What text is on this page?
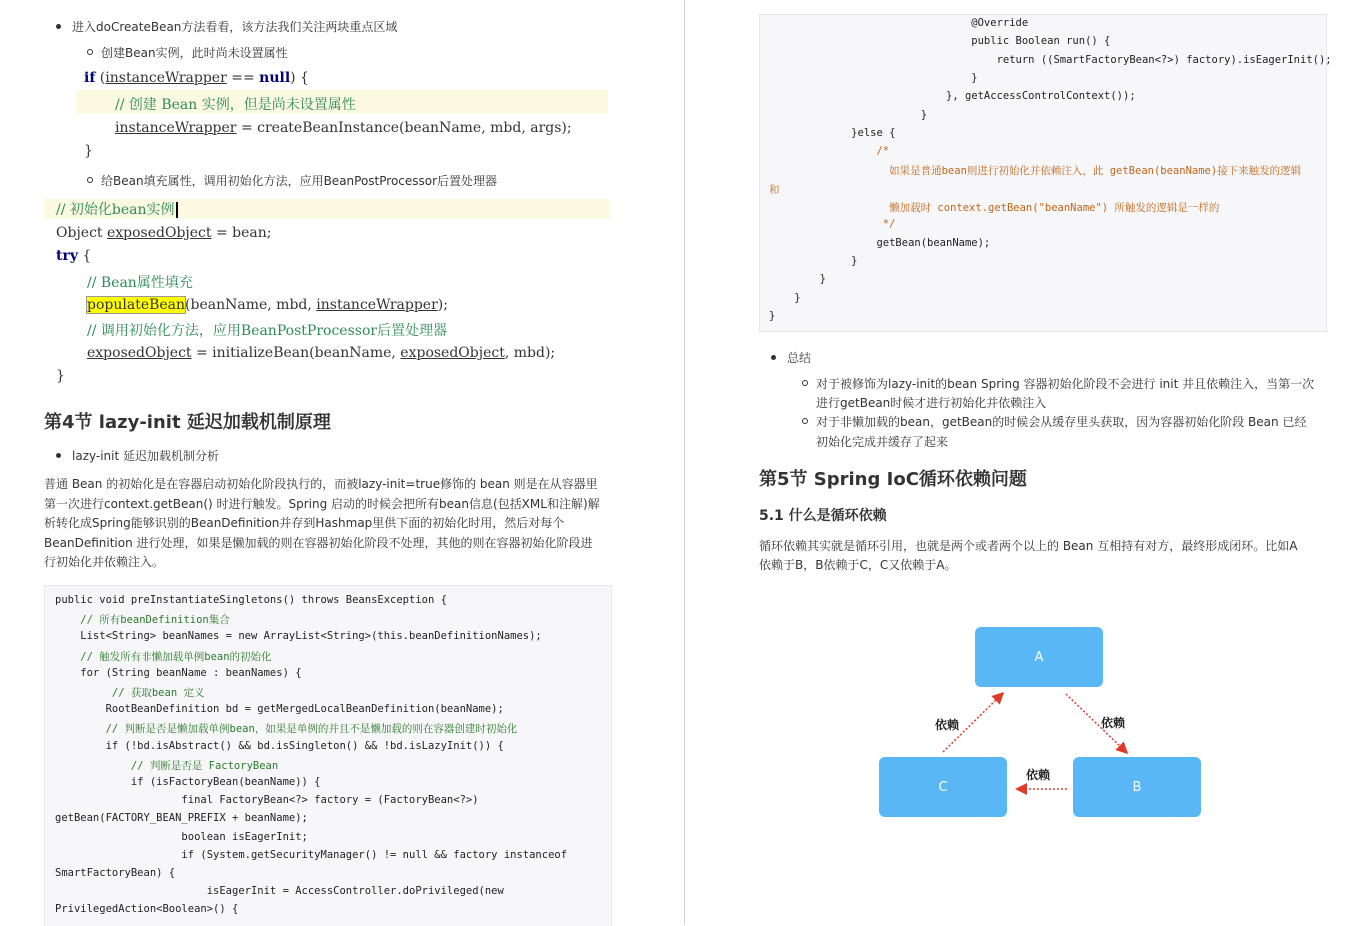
进入doCreateBean方法看看，该方法我们关注两块重点区域
创建Bean实例，此时尚未设置属性
if (instanceWrapper == null) {
// 创建 Bean 实例，但是尚未设置属性
instanceWrapper = createBeanInstance(beanName, mbd, args);
}
给Bean填充属性，调用初始化方法，应用BeanPostProcessor后置处理器
// 初始化bean实例
Object exposedObject = bean;
try {
// Bean属性填充
populateBean(beanName, mbd, instanceWrapper);
// 调用初始化方法，应用BeanPostProcessor后置处理器
exposedObject = initializeBean(beanName, exposedObject, mbd);
}
第4节 lazy-init 延迟加载机制原理
lazy-init 延迟加载机制分析
普通 Bean 的初始化是在容器启动初始化阶段执行的，而被lazy-init=true修饰的 bean 则是在从容器里
第一次进行context.getBean() 时进行触发。Spring 启动的时候会把所有bean信息(包括XML和注解)解
析转化成Spring能够识别的BeanDefinition并存到Hashmap里供下面的初始化时用，然后对每个
BeanDefinition 进行处理，如果是懒加载的则在容器初始化阶段不处理，其他的则在容器初始化阶段进
行初始化并依赖注入。
public void preInstantiateSingletons() throws BeansException {
// 所有beanDefinition集合
List<String> beanNames = new ArrayList<String>(this.beanDefinitionNames);
// 触发所有非懒加载单例bean的初始化
for (String beanName : beanNames) {
// 获取bean 定义
RootBeanDefinition bd = getMergedLocalBeanDefinition(beanName);
// 判断是否是懒加载单例bean，如果是单例的并且不是懒加载的则在容器创建时初始化
if (!bd.isAbstract() && bd.isSingleton() && !bd.isLazyInit()) {
// 判断是否是 FactoryBean
if (isFactoryBean(beanName)) {
final FactoryBean<?> factory = (FactoryBean<?>)
getBean(FACTORY_BEAN_PREFIX + beanName);
boolean isEagerInit;
if (System.getSecurityManager() != null && factory instanceof
SmartFactoryBean) {
isEagerInit = AccessController.doPrivileged(new
PrivilegedAction<Boolean>() {
@Override
public Boolean run() {
return ((SmartFactoryBean<?>) factory).isEagerInit();
}
}, getAccessControlContext());
}
}else {
/*
如果是普通bean则进行初始化并依赖注入，此 getBean(beanName)接下来触发的逻辑
和
懒加载时 context.getBean("beanName") 所触发的逻辑是一样的
*/
getBean(beanName);
}
}
}
}
总结
对于被修饰为lazy-init的bean Spring 容器初始化阶段不会进行 init 并且依赖注入，当第一次
进行getBean时候才进行初始化并依赖注入
对于非懒加载的bean，getBean的时候会从缓存里头获取，因为容器初始化阶段 Bean 已经
初始化完成并缓存了起来
第5节 Spring IoC循环依赖问题
5.1 什么是循环依赖
循环依赖其实就是循环引用，也就是两个或者两个以上的 Bean 互相持有对方，最终形成闭环。比如A
依赖于B，B依赖于C，C又依赖于A。
A
C	B
依赖	依赖
依赖
